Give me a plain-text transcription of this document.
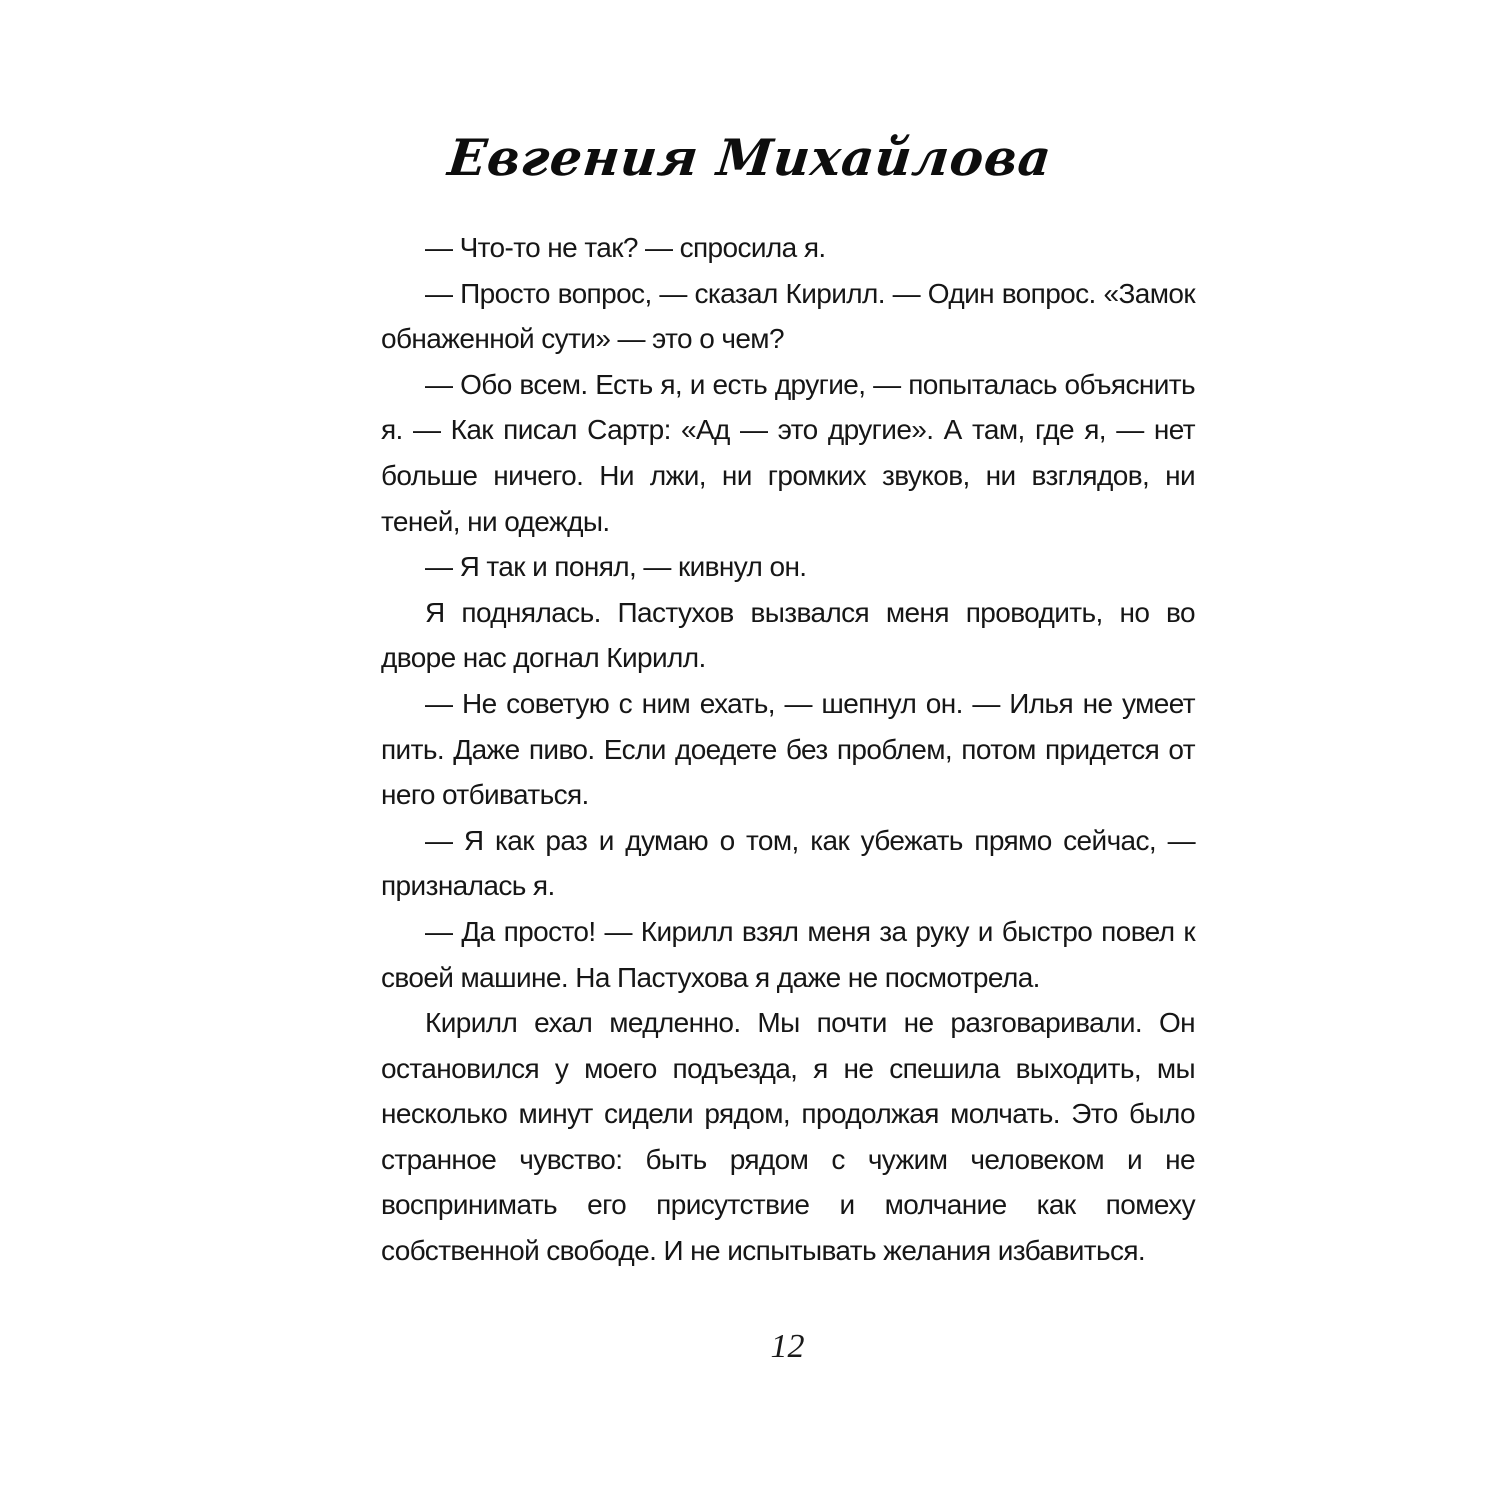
Евгения Михайлова

— Что-то не так? — спросила я.

— Просто вопрос, — сказал Кирилл. — Один вопрос. «Замок обнаженной сути» — это о чем?

— Обо всем. Есть я, и есть другие, — попыталась объяснить я. — Как писал Сартр: «Ад — это другие». А там, где я, — нет больше ничего. Ни лжи, ни громких звуков, ни взглядов, ни теней, ни одежды.

— Я так и понял, — кивнул он.

Я поднялась. Пастухов вызвался меня проводить, но во дворе нас догнал Кирилл.

— Не советую с ним ехать, — шепнул он. — Илья не умеет пить. Даже пиво. Если доедете без проблем, потом придется от него отбиваться.

— Я как раз и думаю о том, как убежать прямо сейчас, — призналась я.

— Да просто! — Кирилл взял меня за руку и быстро повел к своей машине. На Пастухова я даже не посмотрела.

Кирилл ехал медленно. Мы почти не разговаривали. Он остановился у моего подъезда, я не спешила выходить, мы несколько минут сидели рядом, продолжая молчать. Это было странное чувство: быть рядом с чужим человеком и не воспринимать его присутствие и молчание как помеху собственной свободе. И не испытывать желания избавиться.

12
